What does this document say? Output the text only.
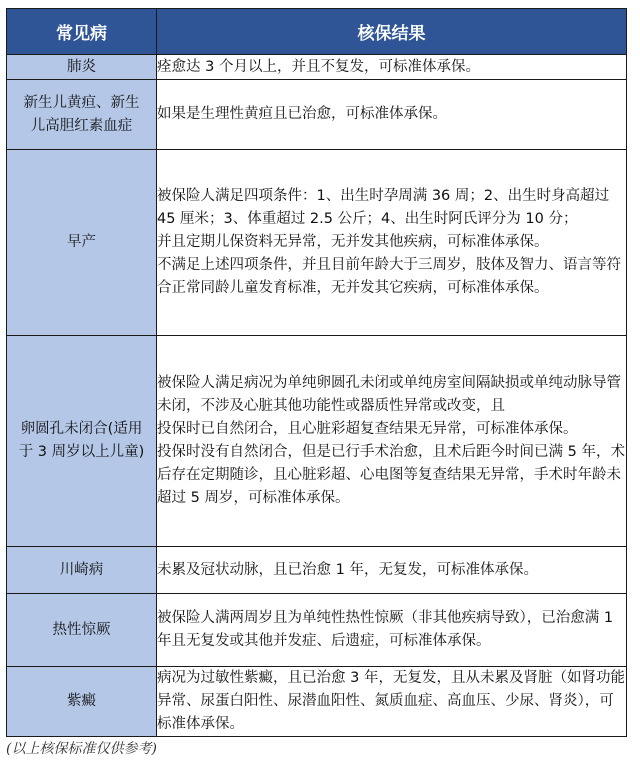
常见病	核保结果
肺炎	痊愈达 3 个月以上，并且不复发，可标准体承保。

新生儿黄疸、新生儿高胆红素血症	如果是生理性黄疸且已治愈，可标准体承保。

早产	被保险人满足四项条件：1、出生时孕周满 36 周；2、出生时身高超过 45 厘米；3、体重超过 2.5 公斤；4、出生时阿氏评分为 10 分；

并且定期儿保资料无异常，无并发其他疾病，可标准体承保。

不满足上述四项条件，并且目前年龄大于三周岁，肢体及智力、语言等符合正常同龄儿童发育标准，无并发其它疾病，可标准体承保。

卵圆孔未闭合(适用于 3 周岁以上儿童)	被保险人满足病况为单纯卵圆孔未闭或单纯房室间隔缺损或单纯动脉导管未闭，不涉及心脏其他功能性或器质性异常或改变，且

投保时已自然闭合，且心脏彩超复查结果无异常，可标准体承保。

投保时没有自然闭合，但是已行手术治愈，且术后距今时间已满 5 年，术后存在定期随诊，且心脏彩超、心电图等复查结果无异常，手术时年龄未超过 5 周岁，可标准体承保。

川崎病	未累及冠状动脉，且已治愈 1 年，无复发，可标准体承保。

热性惊厥	被保险人满两周岁且为单纯性热性惊厥（非其他疾病导致），已治愈满 1 年且无复发或其他并发症、后遗症，可标准体承保。

紫癜	病况为过敏性紫癜，且已治愈 3 年，无复发，且从未累及肾脏（如肾功能异常、尿蛋白阳性、尿潜血阳性、氮质血症、高血压、少尿、肾炎），可标准体承保。

(以上核保标准仅供参考)
